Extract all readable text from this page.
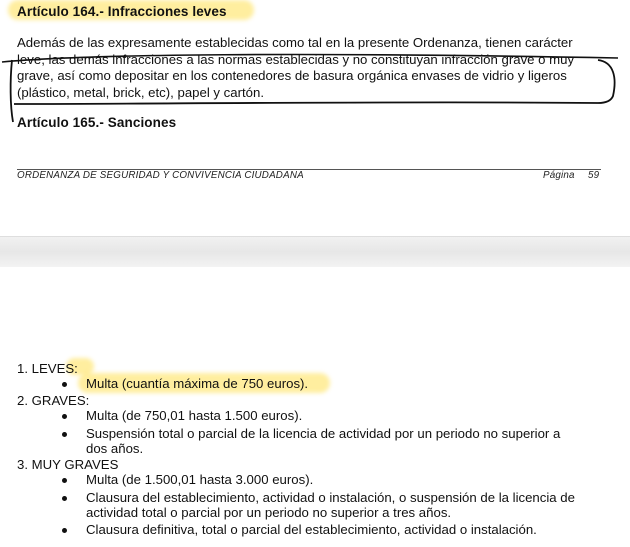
Artículo 164.- Infracciones leves
Además de las expresamente establecidas como tal en la presente Ordenanza, tienen carácter
leve, las demás infracciones a las normas establecidas y no constituyan infracción grave o muy
grave, así como depositar en los contenedores de basura orgánica envases de vidrio y ligeros
(plástico, metal, brick, etc), papel y cartón.
Artículo 165.- Sanciones
ORDENANZA DE SEGURIDAD Y CONVIVENCIA CIUDADANA	Página 59
1. LEVES:
Multa (cuantía máxima de 750 euros).
2. GRAVES:
Multa (de 750,01 hasta 1.500 euros).
Suspensión total o parcial de la licencia de actividad por un periodo no superior a
dos años.
3. MUY GRAVES
Multa (de 1.500,01 hasta 3.000 euros).
Clausura del establecimiento, actividad o instalación, o suspensión de la licencia de
actividad total o parcial por un periodo no superior a tres años.
Clausura definitiva, total o parcial del establecimiento, actividad o instalación.
